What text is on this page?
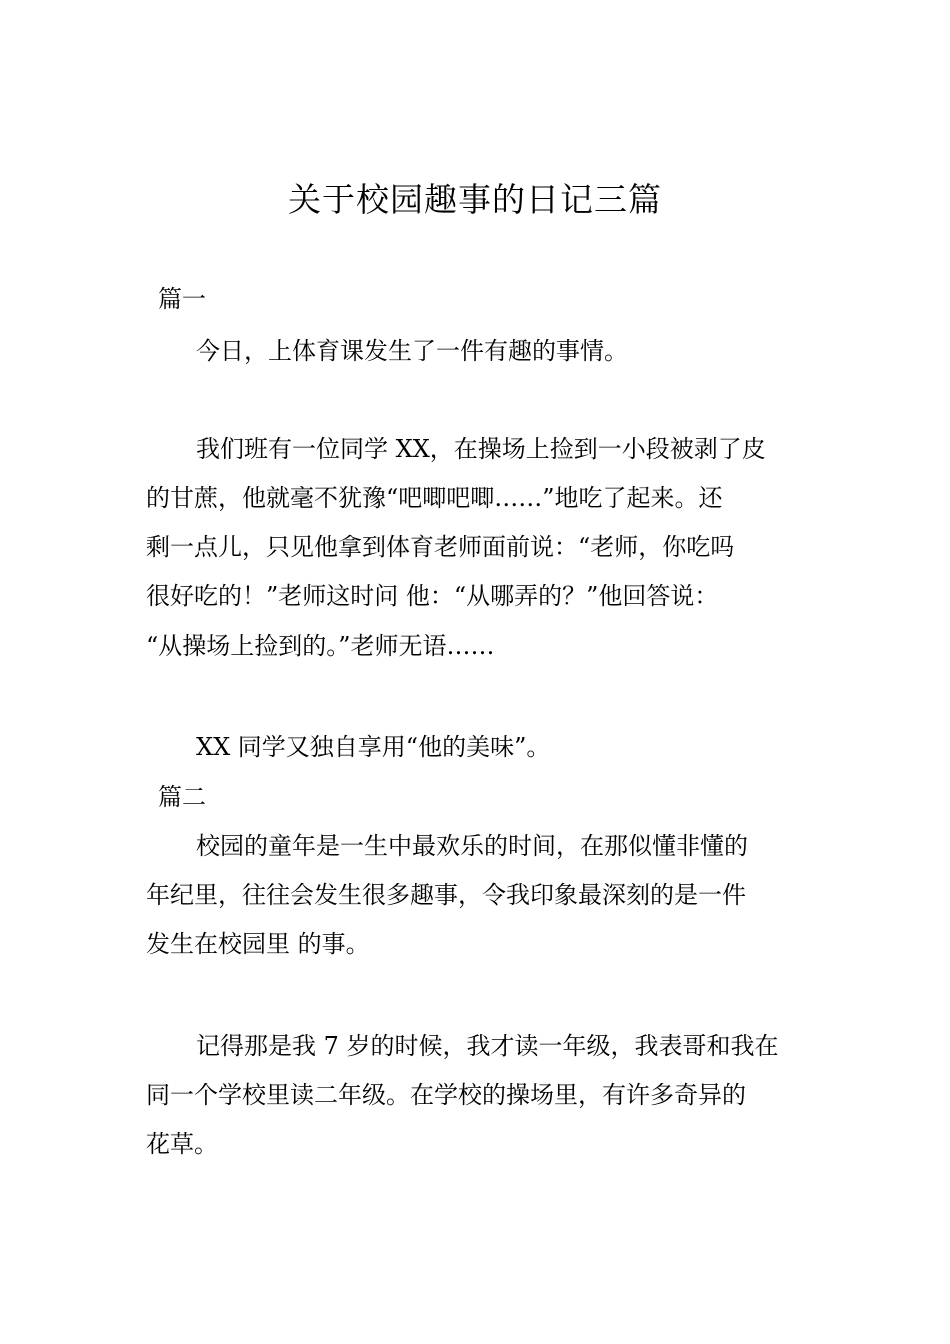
关于校园趣事的日记三篇
篇一
今日，上体育课发生了一件有趣的事情。
我们班有一位同学 XX，在操场上捡到一小段被剥了皮
的甘蔗，他就毫不犹豫“吧唧吧唧……”地吃了起来。还
剩一点儿，只见他拿到体育老师面前说：“老师，你吃吗
很好吃的！”老师这时问 他：“从哪弄的？”他回答说：
“从操场上捡到的。”老师无语……
XX 同学又独自享用“他的美味”。
篇二
校园的童年是一生中最欢乐的时间，在那似懂非懂的
年纪里，往往会发生很多趣事，令我印象最深刻的是一件
发生在校园里 的事。
记得那是我 7 岁的时候，我才读一年级，我表哥和我在
同一个学校里读二年级。在学校的操场里，有许多奇异的
花草。
